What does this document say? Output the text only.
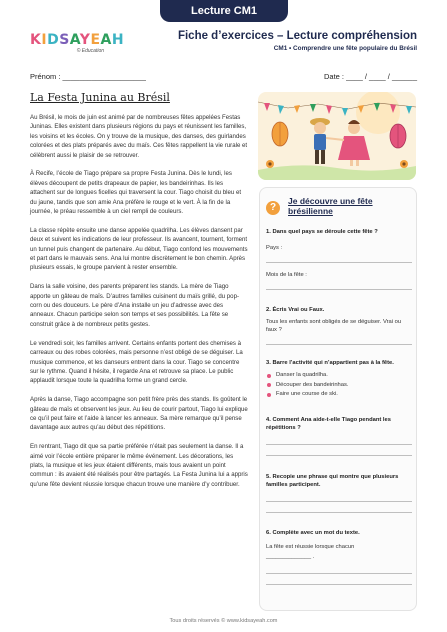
Lecture CM1
KIDSAYEAH
© Education
Fiche d’exercices – Lecture compréhension
CM1 • Comprendre une fête populaire du Brésil
Prénom : ____________________	Date : ____ / ____ / ______
La Festa Junina au Brésil

Au Brésil, le mois de juin est animé par de nombreuses fêtes appelées Festas Juninas. Elles existent dans plusieurs régions du pays et réunissent les familles, les voisins et les écoles. On y trouve de la musique, des danses, des guirlandes colorées et des plats préparés avec du maïs. Ces fêtes rappellent la vie rurale et célèbrent aussi le plaisir de se retrouver.

À Recife, l’école de Tiago prépare sa propre Festa Junina. Dès le lundi, les élèves découpent de petits drapeaux de papier, les bandeirinhas. Ils les attachent sur de longues ficelles qui traversent la cour. Tiago choisit du bleu et du jaune, tandis que son amie Ana préfère le rouge et le vert. À la fin de la journée, le préau ressemble à un ciel rempli de couleurs.

La classe répète ensuite une danse appelée quadrilha. Les élèves dansent par deux et suivent les indications de leur professeur. Ils avancent, tournent, forment un tunnel puis changent de partenaire. Au début, Tiago confond les mouvements et part dans le mauvais sens. Ana lui montre discrètement le bon chemin. Après plusieurs essais, le groupe parvient à rester ensemble.

Dans la salle voisine, des parents préparent les stands. La mère de Tiago apporte un gâteau de maïs. D’autres familles cuisinent du maïs grillé, du pop-corn ou des douceurs. Le père d’Ana installe un jeu d’adresse avec des anneaux. Chacun participe selon son temps et ses possibilités. La fête se construit grâce à de nombreux petits gestes.

Le vendredi soir, les familles arrivent. Certains enfants portent des chemises à carreaux ou des robes colorées, mais personne n’est obligé de se déguiser. La musique commence, et les danseurs entrent dans la cour. Tiago se concentre sur le rythme. Quand il hésite, il regarde Ana et retrouve sa place. Le public applaudit lorsque toute la quadrilha forme un grand cercle.

Après la danse, Tiago accompagne son petit frère près des stands. Ils goûtent le gâteau de maïs et observent les jeux. Au lieu de courir partout, Tiago lui explique ce qu’il peut faire et l’aide à lancer les anneaux. Sa mère remarque qu’il pense davantage aux autres qu’au début des répétitions.

En rentrant, Tiago dit que sa partie préférée n’était pas seulement la danse. Il a aimé voir l’école entière préparer le même événement. Les décorations, les plats, la musique et les jeux étaient différents, mais tous avaient un point commun : ils avaient été réalisés pour être partagés. La Festa Junina lui a appris qu’une fête devient réussie lorsque chacun trouve une manière d’y contribuer.

?
Je découvre une fête brésilienne
1. Dans quel pays se déroule cette fête ?
Pays :
Mois de la fête :
2. Écris Vrai ou Faux.
Tous les enfants sont obligés de se déguiser. Vrai ou faux ?
3. Barre l’activité qui n’appartient pas à la fête.
Danser la quadrilha.
Découper des bandeirinhas.
Faire une course de ski.
4. Comment Ana aide-t-elle Tiago pendant les répétitions ?
5. Recopie une phrase qui montre que plusieurs familles participent.
6. Complète avec un mot du texte.
La fête est réussie lorsque chacun
______________ .
Tous droits réservés © www.kidsayeah.com
